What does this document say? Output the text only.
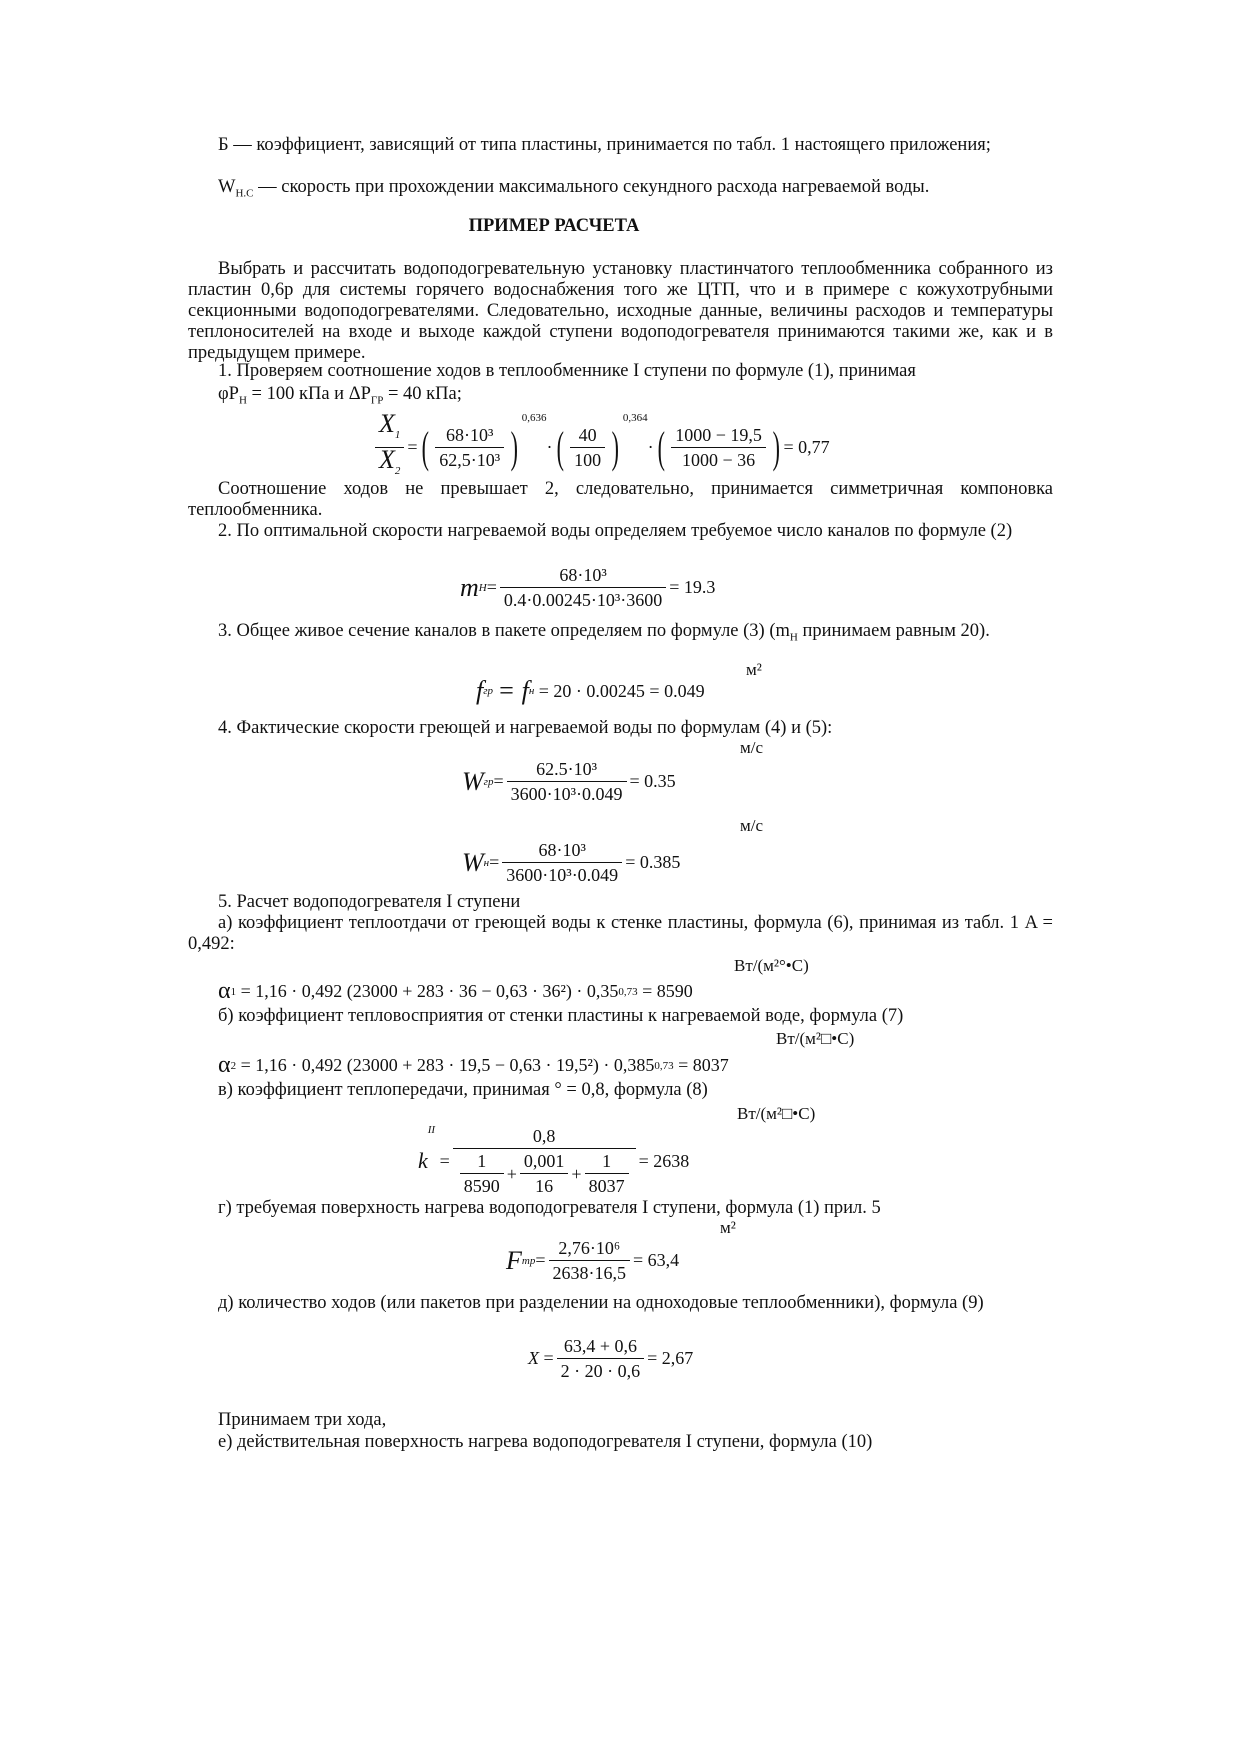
Б — коэффициент, зависящий от типа пластины, принимается по табл. 1 настоящего приложения;
$W_{Н.С}$ — скорость при прохождении максимального секундного расхода нагреваемой воды.
ПРИМЕР РАСЧЕТА
Выбрать и рассчитать водоподогревательную установку пластинчатого теплообменника собранного из пластин 0,6р для системы горячего водоснабжения того же ЦТП, что и в примере с кожухотрубными секционными водоподогревателями. Следовательно, исходные данные, величины расходов и температуры теплоносителей на входе и выходе каждой ступени водоподогревателя принимаются такими же, как и в предыдущем примере.
1. Проверяем соотношение ходов в теплообменнике I ступени по формуле (1), принимая
$\varphi P_Н = 100$ кПа и $\Delta P_{ГР} = 40$ кПа;
$\frac{X_1}{X_2}$ = ( $\frac{\text{68·10³}}{\text{62,5·10³}}$ )
0,636
· ( $\frac{40}{100}$ )
0,364
· ( $\frac{1000 - 19,5}{1000 - 36}$ ) = 0,77
Соотношение ходов не превышает 2, следовательно, принимается симметричная компоновка теплообменника.
2. По оптимальной скорости нагреваемой воды определяем требуемое число каналов по формуле (2)
m $H = \frac{\text{68·10³}}{\text{0.4·0.00245·10³·3600}} = 19.3$
3. Общее живое сечение каналов в пакете определяем по формуле (3) ($m_Н$ принимаем равным 20).
м²
f гр
= f н
= 20 · 0.00245 = 0.049
4. Фактические скорости греющей и нагреваемой воды по формулам (4) и (5):
м/с
W гр = $\frac{\text{62.5·10³}}{\text{3600·10³·0.049}} = 0.35$
м/с
W $н = \frac{\text{68·10³}}{\text{3600·10³·0.049}} = 0.385$
5. Расчет водоподогревателя I ступени
а) коэффициент теплоотдачи от греющей воды к стенке пластины, формула (6), принимая из табл. 1 A = 0,492:
Вт/(м²°•С)
α 1
= 1,16 · 0,492 (23000 + 283 · 36 − 0,63 · 36²) · 0,35 0,73
= 8590
б) коэффициент тепловосприятия от стенки пластины к нагреваемой воде, формула (7)
Вт/(м²□•С)
α 2
= 1,16 · 0,492 (23000 + 283 · 19,5 − 0,63 · 19,5²) · 0,385 0,73
= 8037
в) коэффициент теплопередачи, принимая ° = 0,8, формула (8)
Вт/(м²□•С)
k
II

= $\frac{0,8}{\frac{1}{8590} + \frac{0,001}{16} + \frac{1}{8037}} = 2638$
г) требуемая поверхность нагрева водоподогревателя I ступени, формула (1) прил. 5
м²
F тр = $\frac{\text{2,76·10⁶}}{2638\cdot 16,5} = 63,4$
д) количество ходов (или пакетов при разделении на одноходовые теплообменники), формула (9)
X
= $\frac{63,4 + 0,6}{2 \cdot 20 \cdot 0,6} = 2,67$
Принимаем три хода,
е) действительная поверхность нагрева водоподогревателя I ступени, формула (10)
